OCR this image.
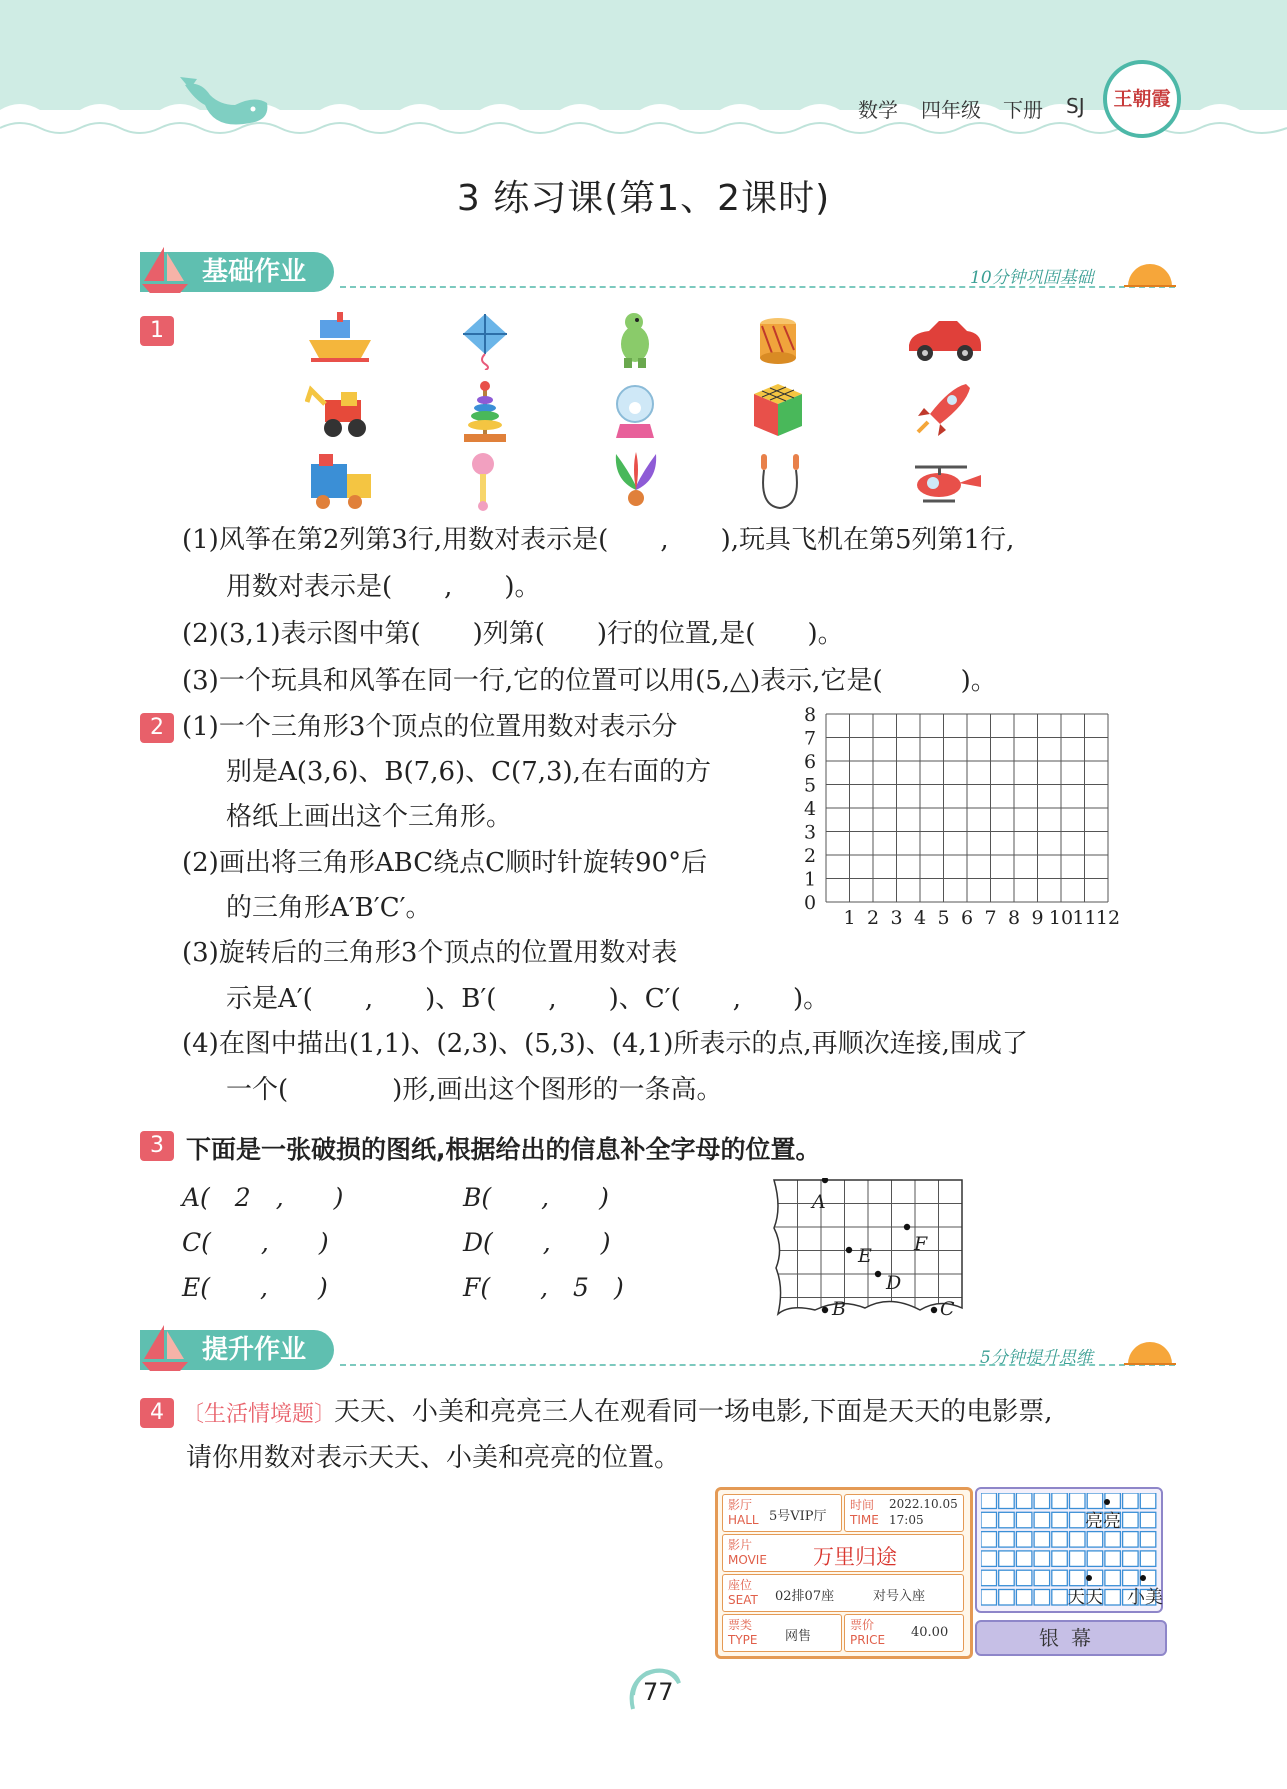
数学 四年级 下册 SJ	王朝霞
3 练习课(第1、2课时)
基础作业	10分钟巩固基础
1
(1)风筝在第2列第3行,用数对表示是(　　,　　),玩具飞机在第5列第1行,
用数对表示是(　　,　　)。
(2)(3,1)表示图中第(　　)列第(　　)行的位置,是(　　)。
(3)一个玩具和风筝在同一行,它的位置可以用(5,△)表示,它是(　　　)。
2 (1)一个三角形3个顶点的位置用数对表示分
别是A(3,6)、B(7,6)、C(7,3),在右面的方
格纸上画出这个三角形。
(2)画出将三角形ABC绕点C顺时针旋转90°后
的三角形A′B′C′。
(3)旋转后的三角形3个顶点的位置用数对表
示是A′(　　,　　)、B′(　　,　　)、C′(　　,　　)。
(4)在图中描出(1,1)、(2,3)、(5,3)、(4,1)所表示的点,再顺次连接,围成了
一个(　　　　)形,画出这个图形的一条高。
8
7
6
5
4
3
2
1
0
1 2 3 4 5 6 7 8 9 10 11 12
3 下面是一张破损的图纸,根据给出的信息补全字母的位置。
A(　2　,　　)	B(　　,　　)
C(　　,　　)	D(　　,　　)
E(　　,　　)	F(　　,　5　)
A
B	C
D
E
F
提升作业	5分钟提升思维
4 〔生活情境题〕
天天、小美和亮亮三人在观看同一场电影,下面是天天的电影票,
请你用数对表示天天、小美和亮亮的位置。
影厅
HALL 5号VIP厅
时间
TIME
2022.10.05
17:05
影片
MOVIE 万里归途
座位
SEAT 02排07座	对号入座
票类
TYPE 网售
票价
PRICE 40.00
亮亮
天天 小美
银幕
77
